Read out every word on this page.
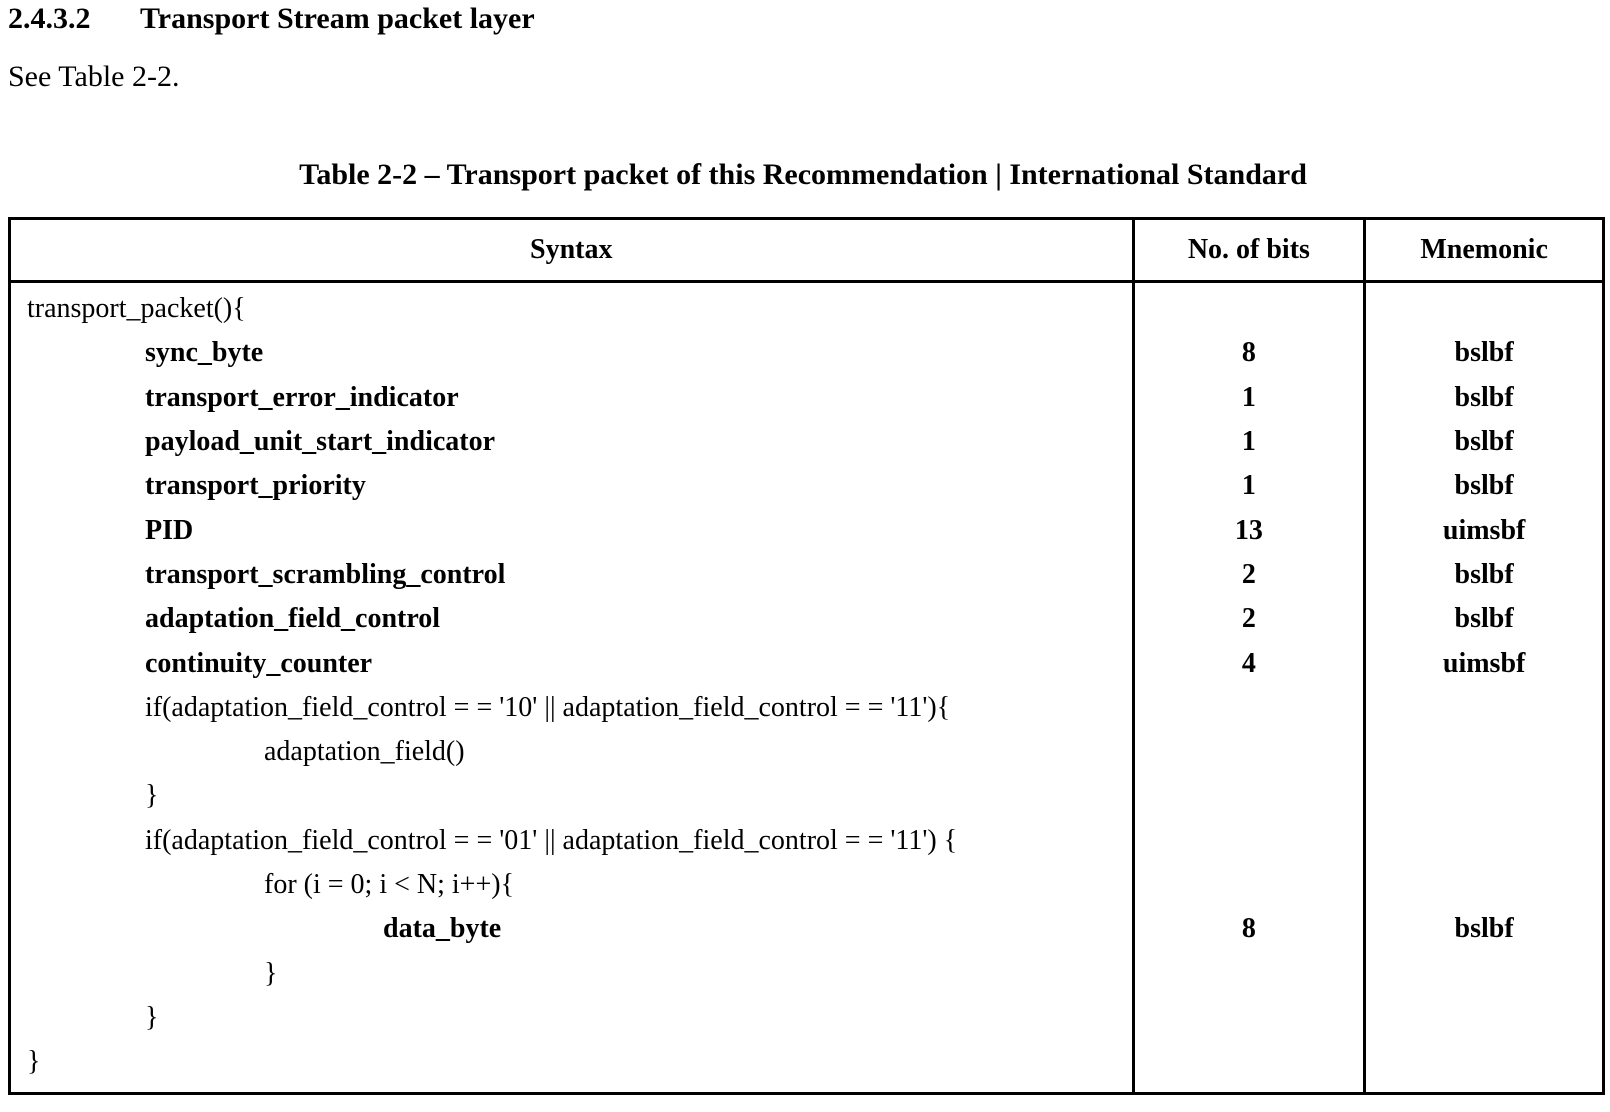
2.4.3.2 Transport Stream packet layer
See Table 2-2.
Table 2-2 – Transport packet of this Recommendation | International Standard
Syntax	No. of bits	Mnemonic
transport_packet(){		
sync_byte	8	bslbf
transport_error_indicator	1	bslbf
payload_unit_start_indicator	1	bslbf
transport_priority	1	bslbf
PID	13	uimsbf
transport_scrambling_control	2	bslbf
adaptation_field_control	2	bslbf
continuity_counter	4	uimsbf
if(adaptation_field_control = = '10' || adaptation_field_control = = '11'){		
adaptation_field()		
}		
if(adaptation_field_control = = '01' || adaptation_field_control = = '11') {		
for (i = 0; i < N; i++){		
data_byte	8	bslbf
}		
}		
}		
